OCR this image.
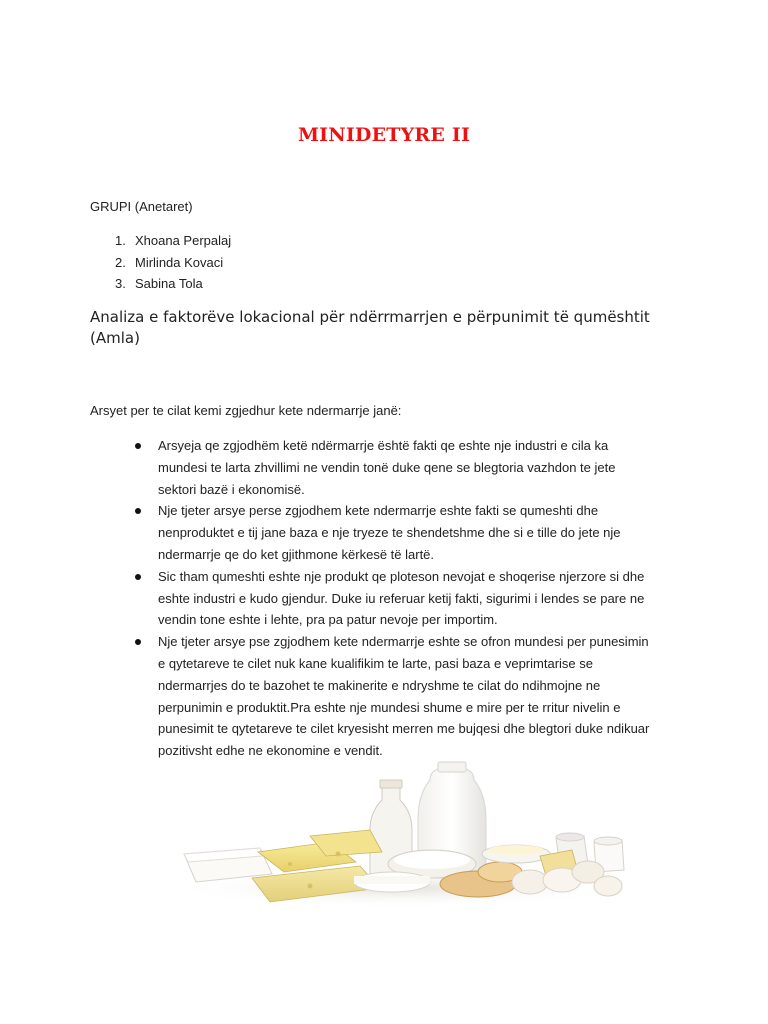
MINIDETYRE II
GRUPI (Anetaret)
1. Xhoana Perpalaj
2. Mirlinda Kovaci
3. Sabina Tola
Analiza e faktorëve lokacional për ndërrmarrjen e përpunimit të qumështit (Amla)
Arsyet per te cilat kemi zgjedhur kete ndermarrje janë:
Arsyeja qe zgjodhëm ketë ndërmarrje është fakti qe eshte nje industri e cila ka mundesi te larta zhvillimi ne vendin tonë duke qene se blegtoria vazhdon te jete sektori bazë i ekonomisë.
Nje tjeter arsye perse zgjodhem kete ndermarrje eshte fakti se qumeshti dhe nenproduktet e tij jane baza e nje tryeze te shendetshme dhe si e tille do jete nje ndermarrje qe do ket gjithmone kërkesë të lartë.
Sic tham qumeshti eshte nje produkt qe ploteson nevojat e shoqerise njerzore si dhe eshte industri e kudo gjendur. Duke iu referuar ketij fakti, sigurimi i lendes se pare ne vendin tone eshte i lehte, pra pa patur nevoje per importim.
Nje tjeter arsye pse zgjodhem kete ndermarrje eshte se ofron mundesi per punesimin e qytetareve te cilet nuk kane kualifikim te larte, pasi baza e veprimtarise se ndermarrjes do te bazohet te makinerite e ndryshme te cilat do ndihmojne ne perpunimin e produktit.Pra eshte nje mundesi shume e mire per te rritur nivelin e punesimit te qytetareve te cilet kryesisht merren me bujqesi dhe blegtori duke ndikuar pozitivsht edhe ne ekonomine e vendit.
